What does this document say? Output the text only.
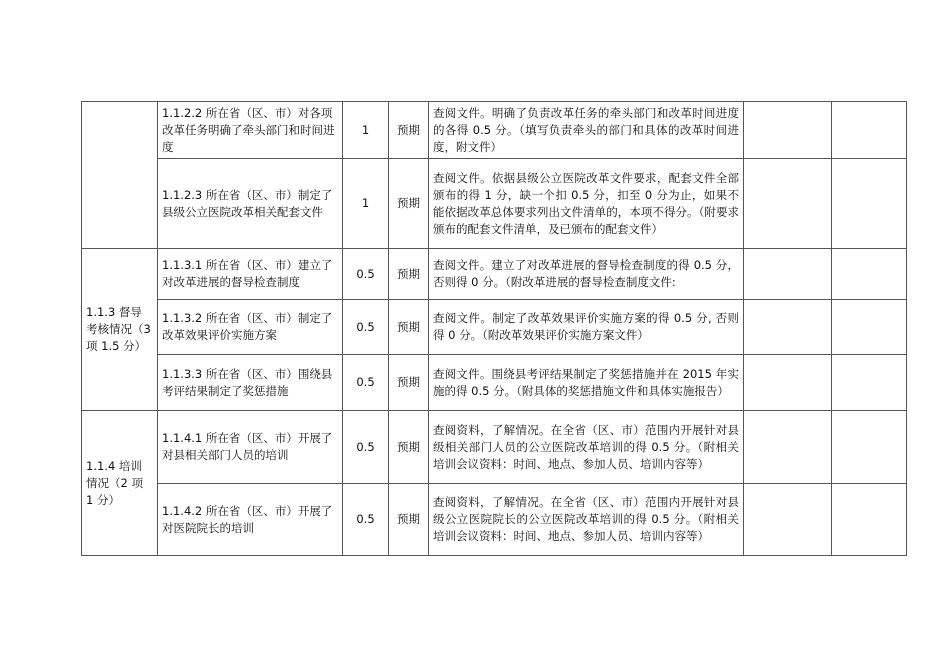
	1.1.2.2 所在省（区、市）对各项改革任务明确了牵头部门和时间进度	1	预期	查阅文件。明确了负责改革任务的牵头部门和改革时间进度的各得 0.5 分。（填写负责牵头的部门和具体的改革时间进度，附文件）		
	1.1.2.3 所在省（区、市）制定了县级公立医院改革相关配套文件	1	预期	查阅文件。依据县级公立医院改革文件要求，配套文件全部颁布的得 1 分，缺一个扣 0.5 分，扣至 0 分为止，如果不能依据改革总体要求列出文件清单的，本项不得分。（附要求颁布的配套文件清单，及已颁布的配套文件）		
1.1.3 督导考核情况（3 项 1.5 分）	1.1.3.1 所在省（区、市）建立了对改革进展的督导检查制度	0.5	预期	查阅文件。建立了对改革进展的督导检查制度的得 0.5 分，否则得 0 分。（附改革进展的督导检查制度文件:		
	1.1.3.2 所在省（区、市）制定了改革效果评价实施方案	0.5	预期	查阅文件。制定了改革效果评价实施方案的得 0.5 分, 否则得 0 分。（附改革效果评价实施方案文件）		
	1.1.3.3 所在省（区、市）围绕县考评结果制定了奖惩措施	0.5	预期	查阅文件。围绕县考评结果制定了奖惩措施并在 2015 年实施的得 0.5 分。（附具体的奖惩措施文件和具体实施报告）		
1.1.4 培训情况（2 项 1 分）	1.1.4.1 所在省（区、市）开展了对县相关部门人员的培训	0.5	预期	查阅资料，了解情况。在全省（区、市）范围内开展针对县级相关部门人员的公立医院改革培训的得 0.5 分。（附相关培训会议资料：时间、地点、参加人员、培训内容等）		
	1.1.4.2 所在省（区、市）开展了对医院院长的培训	0.5	预期	查阅资料，了解情况。在全省（区、市）范围内开展针对县级公立医院院长的公立医院改革培训的得 0.5 分。（附相关培训会议资料：时间、地点、参加人员、培训内容等）		
